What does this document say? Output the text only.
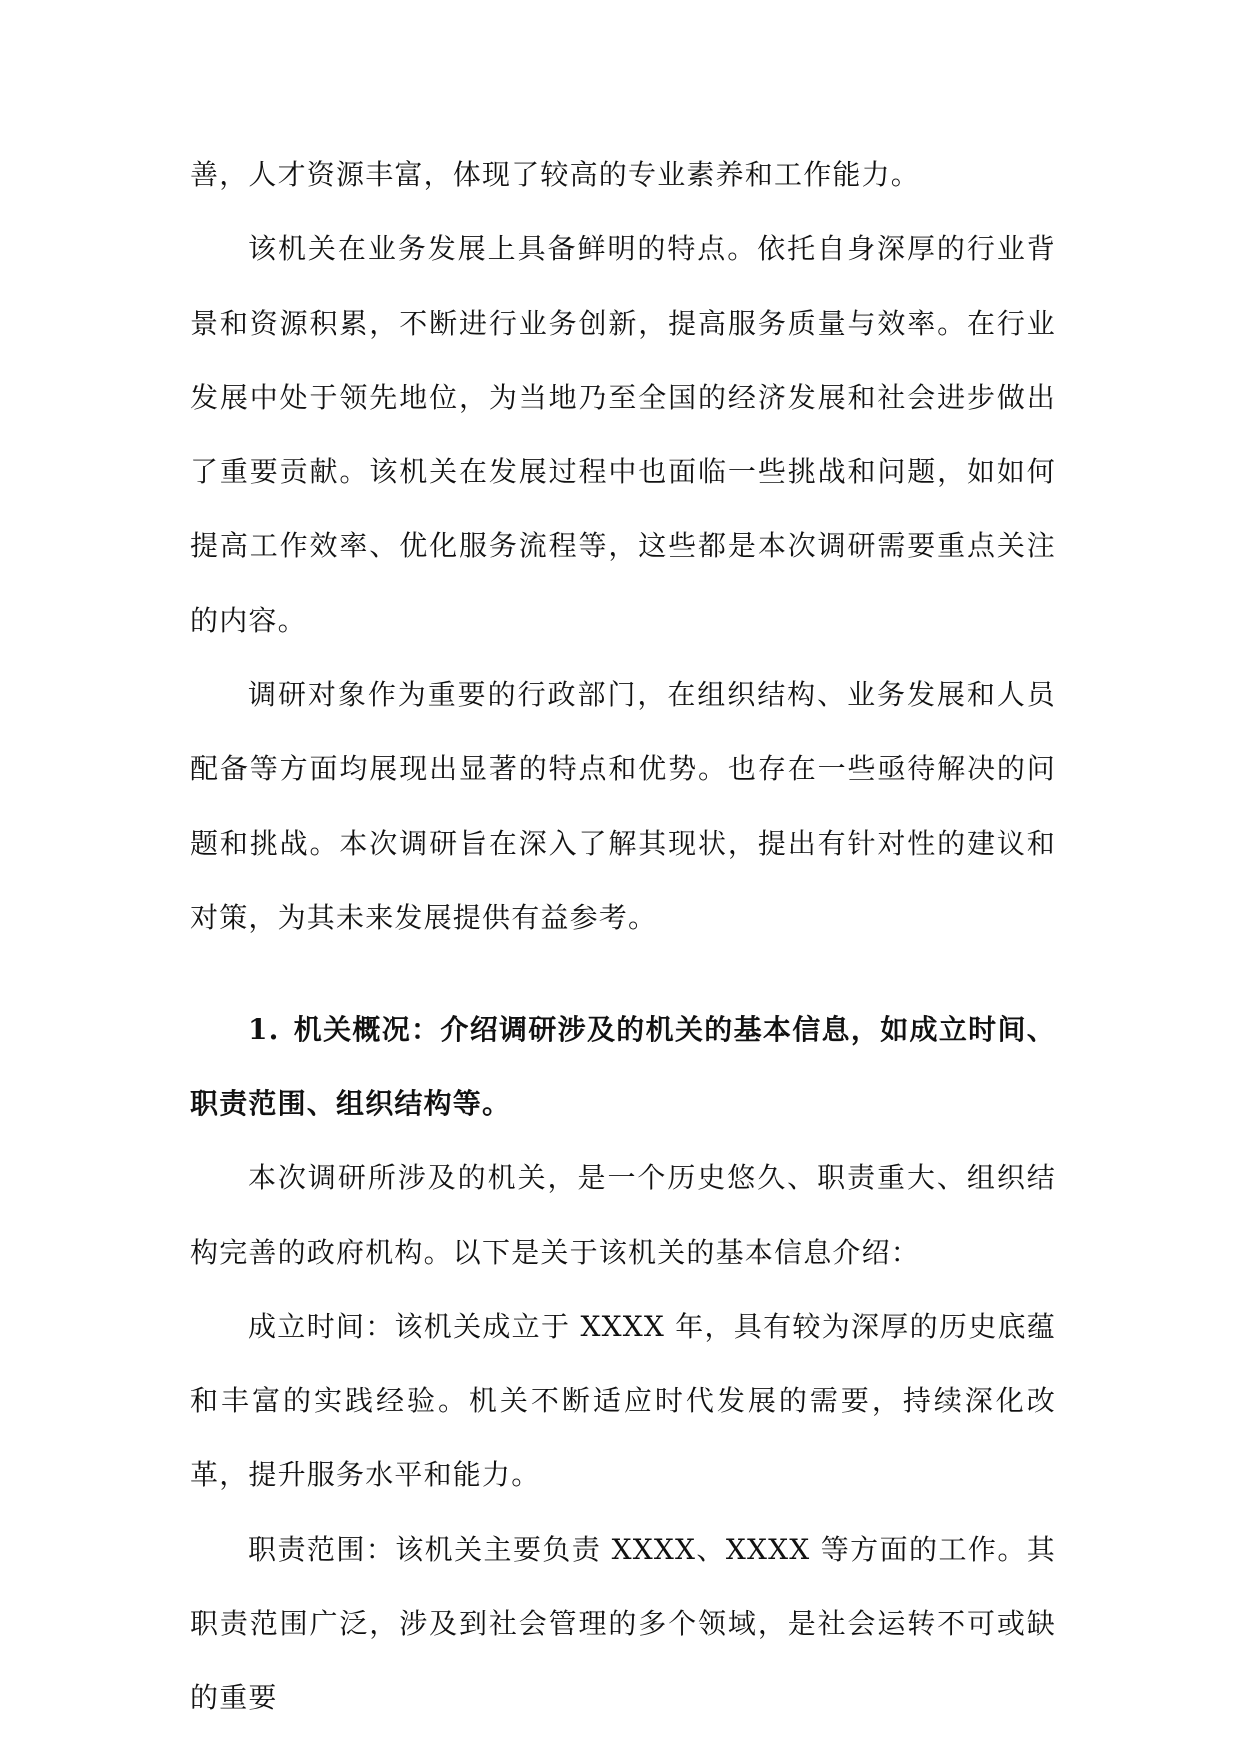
善，人才资源丰富，体现了较高的专业素养和工作能力。

该机关在业务发展上具备鲜明的特点。依托自身深厚的行业背景和资源积累，不断进行业务创新，提高服务质量与效率。在行业发展中处于领先地位，为当地乃至全国的经济发展和社会进步做出了重要贡献。该机关在发展过程中也面临一些挑战和问题，如如何提高工作效率、优化服务流程等，这些都是本次调研需要重点关注的内容。

调研对象作为重要的行政部门，在组织结构、业务发展和人员配备等方面均展现出显著的特点和优势。也存在一些亟待解决的问题和挑战。本次调研旨在深入了解其现状，提出有针对性的建议和对策，为其未来发展提供有益参考。

1. 机关概况：介绍调研涉及的机关的基本信息，如成立时间、职责范围、组织结构等。

本次调研所涉及的机关，是一个历史悠久、职责重大、组织结构完善的政府机构。以下是关于该机关的基本信息介绍：

成立时间：该机关成立于 XXXX 年，具有较为深厚的历史底蕴和丰富的实践经验。机关不断适应时代发展的需要，持续深化改革，提升服务水平和能力。

职责范围：该机关主要负责 XXXX、XXXX 等方面的工作。其职责范围广泛，涉及到社会管理的多个领域，是社会运转不可或缺的重要
